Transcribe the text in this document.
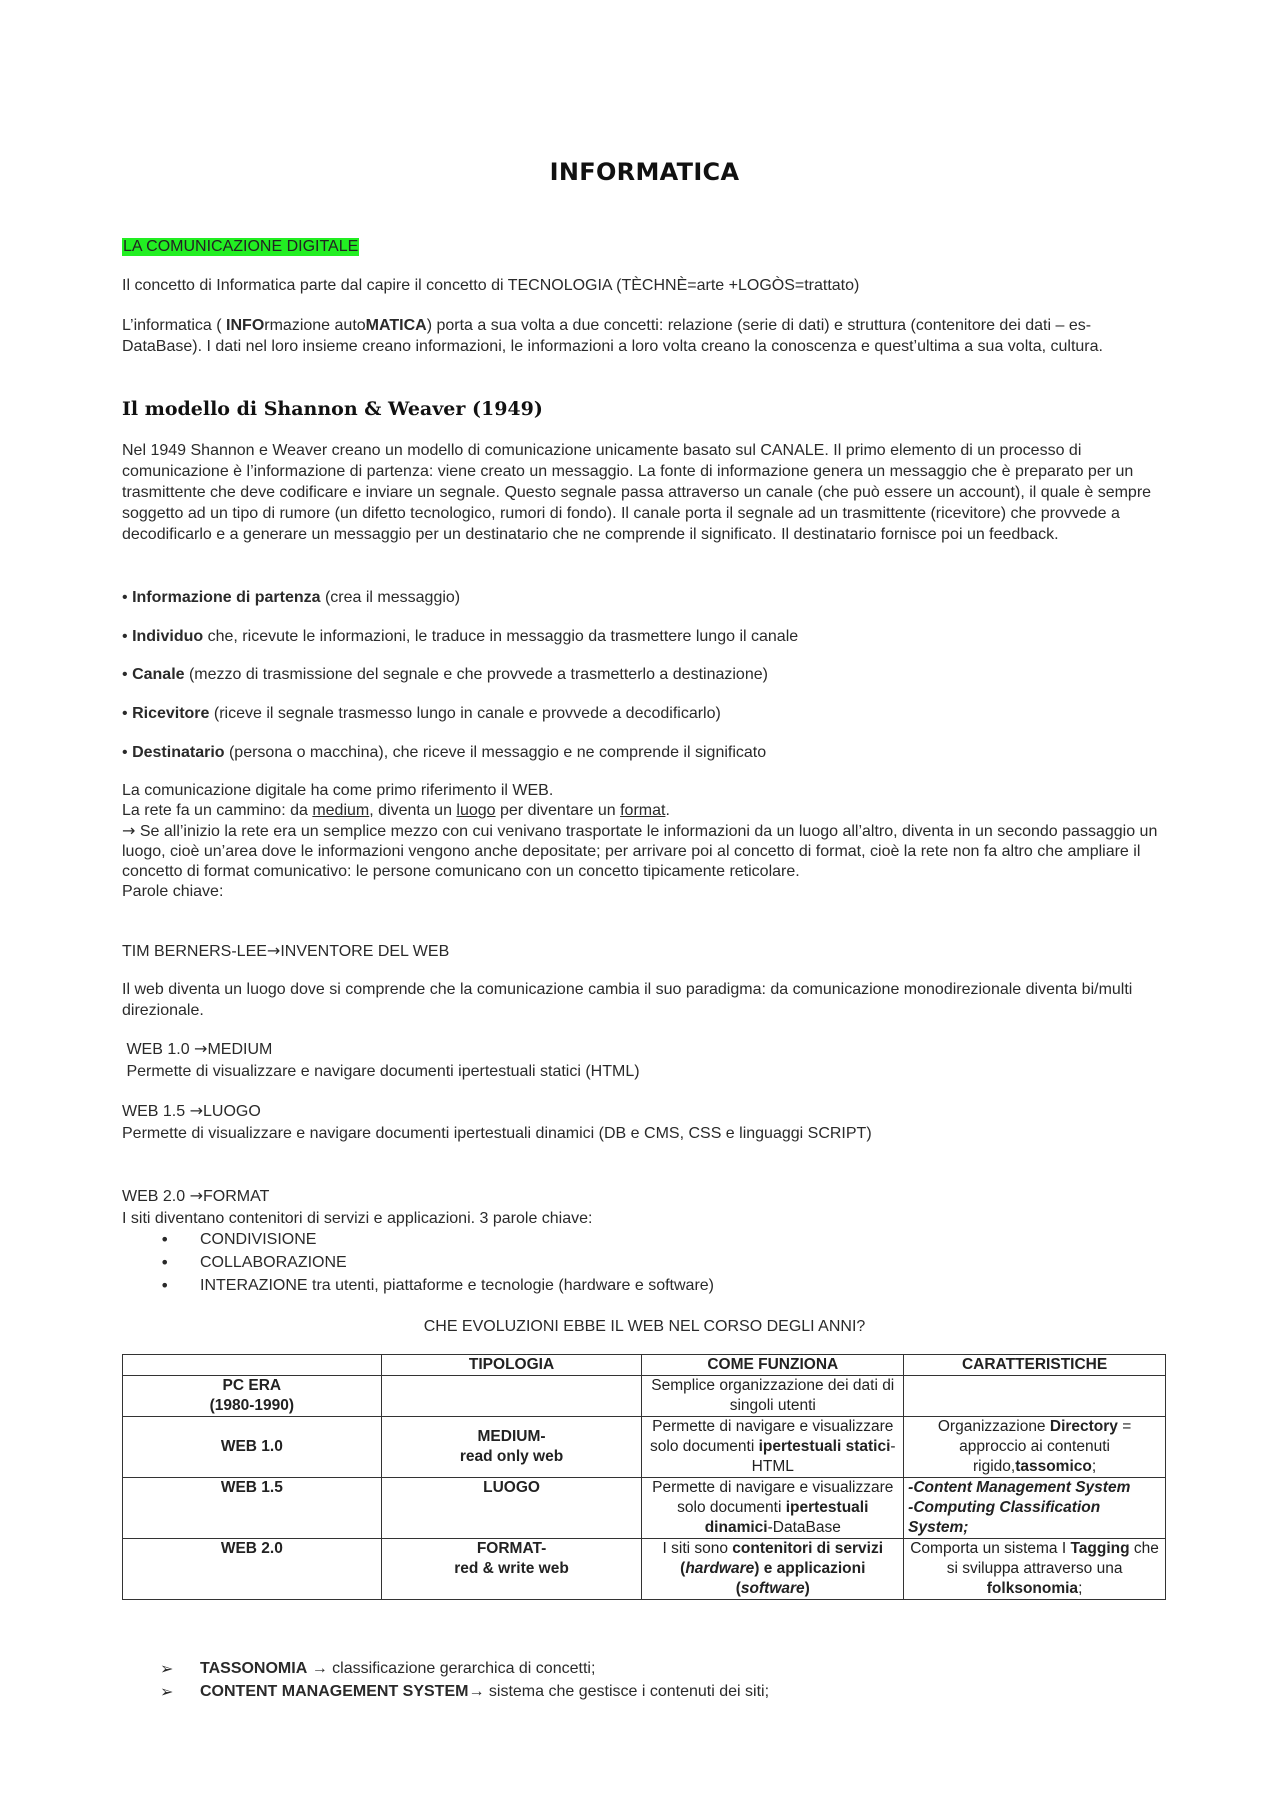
INFORMATICA
LA COMUNICAZIONE DIGITALE
Il concetto di Informatica parte dal capire il concetto di TECNOLOGIA (TÈCHNÈ=arte +LOGÒS=trattato)
L’informatica ( INFOrmazione autoMATICA) porta a sua volta a due concetti: relazione (serie di dati) e struttura (contenitore dei dati – es-DataBase). I dati nel loro insieme creano informazioni, le informazioni a loro volta creano la conoscenza e quest’ultima a sua volta, cultura.
Il modello di Shannon & Weaver (1949)
Nel 1949 Shannon e Weaver creano un modello di comunicazione unicamente basato sul CANALE. Il primo elemento di un processo di comunicazione è l’informazione di partenza: viene creato un messaggio. La fonte di informazione genera un messaggio che è preparato per un trasmittente che deve codificare e inviare un segnale. Questo segnale passa attraverso un canale (che può essere un account), il quale è sempre soggetto ad un tipo di rumore (un difetto tecnologico, rumori di fondo). Il canale porta il segnale ad un trasmittente (ricevitore) che provvede a decodificarlo e a generare un messaggio per un destinatario che ne comprende il significato. Il destinatario fornisce poi un feedback.
• Informazione di partenza (crea il messaggio)
• Individuo che, ricevute le informazioni, le traduce in messaggio da trasmettere lungo il canale
• Canale (mezzo di trasmissione del segnale e che provvede a trasmetterlo a destinazione)
• Ricevitore (riceve il segnale trasmesso lungo in canale e provvede a decodificarlo)
• Destinatario (persona o macchina), che riceve il messaggio e ne comprende il significato
La comunicazione digitale ha come primo riferimento il WEB.
La rete fa un cammino: da medium, diventa un luogo per diventare un format.
→ Se all’inizio la rete era un semplice mezzo con cui venivano trasportate le informazioni da un luogo all’altro, diventa in un secondo passaggio un luogo, cioè un’area dove le informazioni vengono anche depositate; per arrivare poi al concetto di format, cioè la rete non fa altro che ampliare il concetto di format comunicativo: le persone comunicano con un concetto tipicamente reticolare.
Parole chiave:
TIM BERNERS-LEE→INVENTORE DEL WEB
Il web diventa un luogo dove si comprende che la comunicazione cambia il suo paradigma: da comunicazione monodirezionale diventa bi/multi direzionale.
WEB 1.0 →MEDIUM
Permette di visualizzare e navigare documenti ipertestuali statici (HTML)
WEB 1.5 →LUOGO
Permette di visualizzare e navigare documenti ipertestuali dinamici (DB e CMS, CSS e linguaggi SCRIPT)
WEB 2.0 →FORMAT
I siti diventano contenitori di servizi e applicazioni. 3 parole chiave:
• CONDIVISIONE
• COLLABORAZIONE
• INTERAZIONE tra utenti, piattaforme e tecnologie (hardware e software)
CHE EVOLUZIONI EBBE IL WEB NEL CORSO DEGLI ANNI?
	TIPOLOGIA	COME FUNZIONA	CARATTERISTICHE

PC ERA
(1980-1990)		Semplice organizzazione dei dati di singoli utenti	
WEB 1.0	MEDIUM-
read only web	Permette di navigare e visualizzare solo documenti ipertestuali statici-HTML	Organizzazione Directory = approccio ai contenuti rigido,tassomico;
WEB 1.5	LUOGO	Permette di navigare e visualizzare solo documenti ipertestuali dinamici-DataBase	-Content Management System
-Computing Classification System;

WEB 2.0	FORMAT-
red & write web	I siti sono contenitori di servizi (hardware) e applicazioni (software)	Comporta un sistema I Tagging che si sviluppa attraverso una folksonomia;
➢ TASSONOMIA → classificazione gerarchica di concetti;
➢ CONTENT MANAGEMENT SYSTEM→ sistema che gestisce i contenuti dei siti;
